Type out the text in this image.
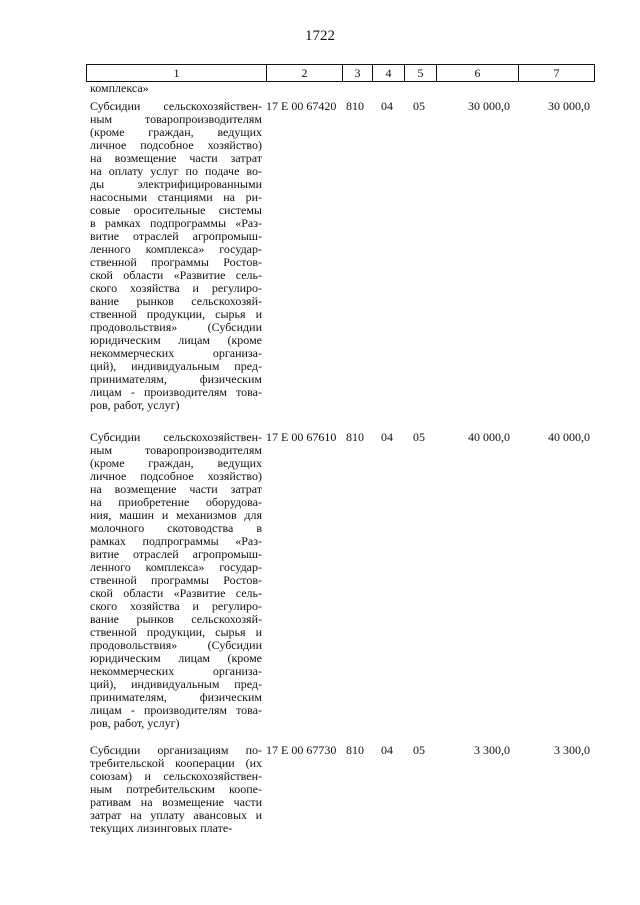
1722
1	2	3	4	5	6	7
комплекса»
Субсидии сельскохозяйствен-
ным товаропроизводителям
(кроме граждан, ведущих
личное подсобное хозяйство)
на возмещение части затрат
на оплату услуг по подаче во-
ды электрифицированными
насосными станциями на ри-
совые оросительные системы
в рамках подпрограммы «Раз-
витие отраслей агропромыш-
ленного комплекса» государ-
ственной программы Ростов-
ской области «Развитие сель-
ского хозяйства и регулиро-
вание рынков сельскохозяй-
ственной продукции, сырья и
продовольствия» (Субсидии
юридическим лицам (кроме
некоммерческих организа-
ций), индивидуальным пред-
принимателям, физическим
лицам - производителям това-
ров, работ, услуг)
17 Е 00 67420 810	04	05	30 000,0	30 000,0
Субсидии сельскохозяйствен-
ным товаропроизводителям
(кроме граждан, ведущих
личное подсобное хозяйство)
на возмещение части затрат
на приобретение оборудова-
ния, машин и механизмов для
молочного скотоводства в
рамках подпрограммы «Раз-
витие отраслей агропромыш-
ленного комплекса» государ-
ственной программы Ростов-
ской области «Развитие сель-
ского хозяйства и регулиро-
вание рынков сельскохозяй-
ственной продукции, сырья и
продовольствия» (Субсидии
юридическим лицам (кроме
некоммерческих организа-
ций), индивидуальным пред-
принимателям, физическим
лицам - производителям това-
ров, работ, услуг)
17 Е 00 67610 810	04	05	40 000,0	40 000,0
Субсидии организациям по-
требительской кооперации (их
союзам) и сельскохозяйствен-
ным потребительским коопе-
ративам на возмещение части
затрат на уплату авансовых и
текущих лизинговых плате-
17 Е 00 67730 810	04	05	3 300,0	3 300,0
